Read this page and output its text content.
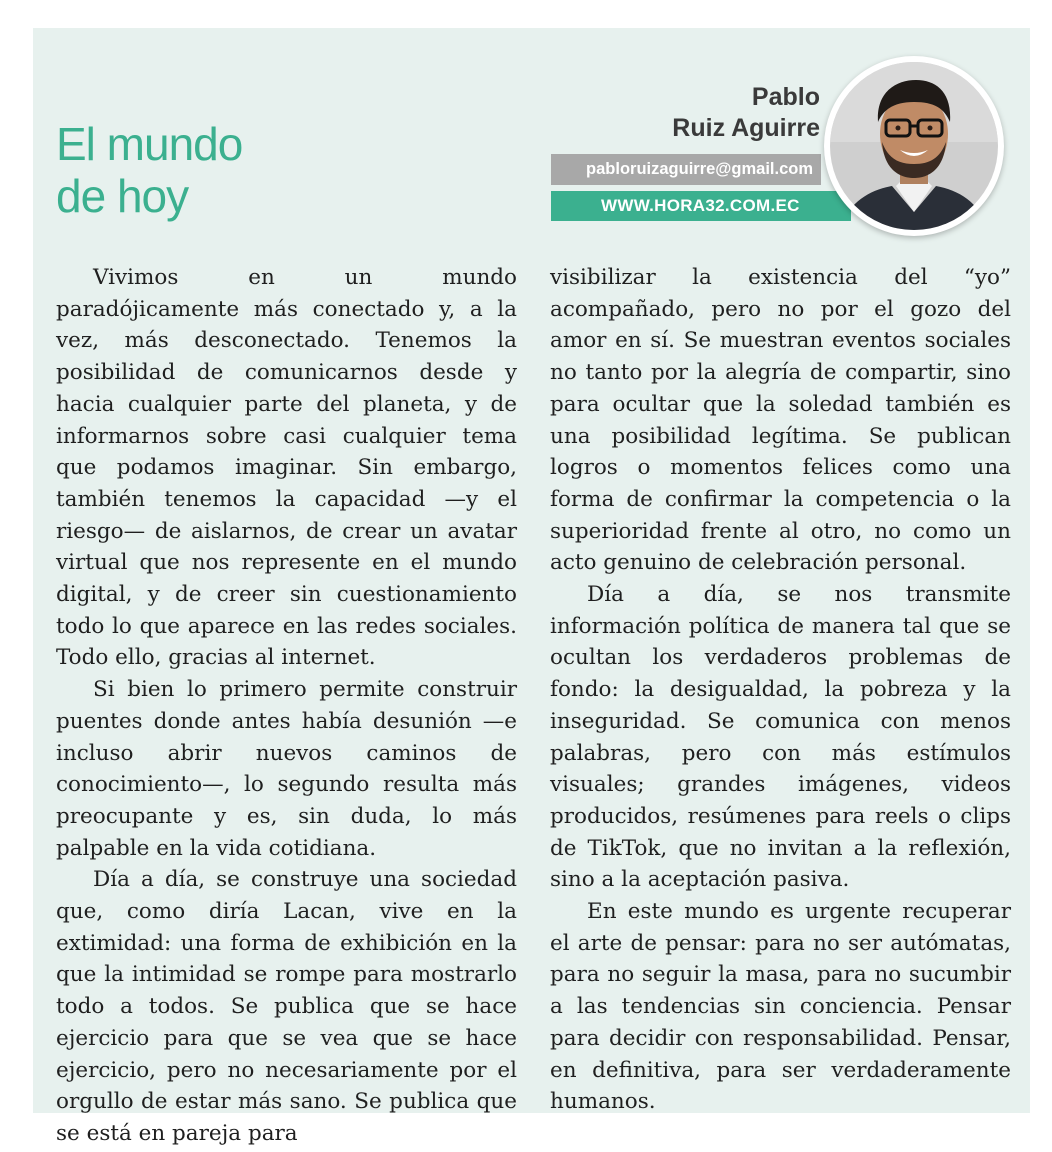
El mundo
de hoy
Pablo
Ruiz Aguirre
pabloruizaguirre@gmail.com
WWW.HORA32.COM.EC

Vivimos en un mundo paradójicamente más conectado y, a la vez, más desconectado. Tenemos la posibilidad de comunicarnos desde y hacia cualquier parte del planeta, y de informarnos sobre casi cualquier tema que podamos imaginar. Sin embargo, también tenemos la capacidad —y el riesgo— de aislarnos, de crear un avatar virtual que nos represente en el mundo digital, y de creer sin cuestionamiento todo lo que aparece en las redes sociales. Todo ello, gracias al internet.

Si bien lo primero permite construir puentes donde antes había desunión —e incluso abrir nuevos caminos de conocimiento—, lo segundo resulta más preocupante y es, sin duda, lo más palpable en la vida cotidiana.

Día a día, se construye una sociedad que, como diría Lacan, vive en la extimidad: una forma de exhibición en la que la intimidad se rompe para mostrarlo todo a todos. Se publica que se hace ejercicio para que se vea que se hace ejercicio, pero no necesariamente por el orgullo de estar más sano. Se publica que se está en pareja para

visibilizar la existencia del “yo” acompañado, pero no por el gozo del amor en sí. Se muestran eventos sociales no tanto por la alegría de compartir, sino para ocultar que la soledad también es una posibilidad legítima. Se publican logros o momentos felices como una forma de confirmar la competencia o la superioridad frente al otro, no como un acto genuino de celebración personal.

Día a día, se nos transmite información política de manera tal que se ocultan los verdaderos problemas de fondo: la desigualdad, la pobreza y la inseguridad. Se comunica con menos palabras, pero con más estímulos visuales; grandes imágenes, videos producidos, resúmenes para reels o clips de TikTok, que no invitan a la reflexión, sino a la aceptación pasiva.

En este mundo es urgente recuperar el arte de pensar: para no ser autómatas, para no seguir la masa, para no sucumbir a las tendencias sin conciencia. Pensar para decidir con responsabilidad. Pensar, en definitiva, para ser verdaderamente humanos.
